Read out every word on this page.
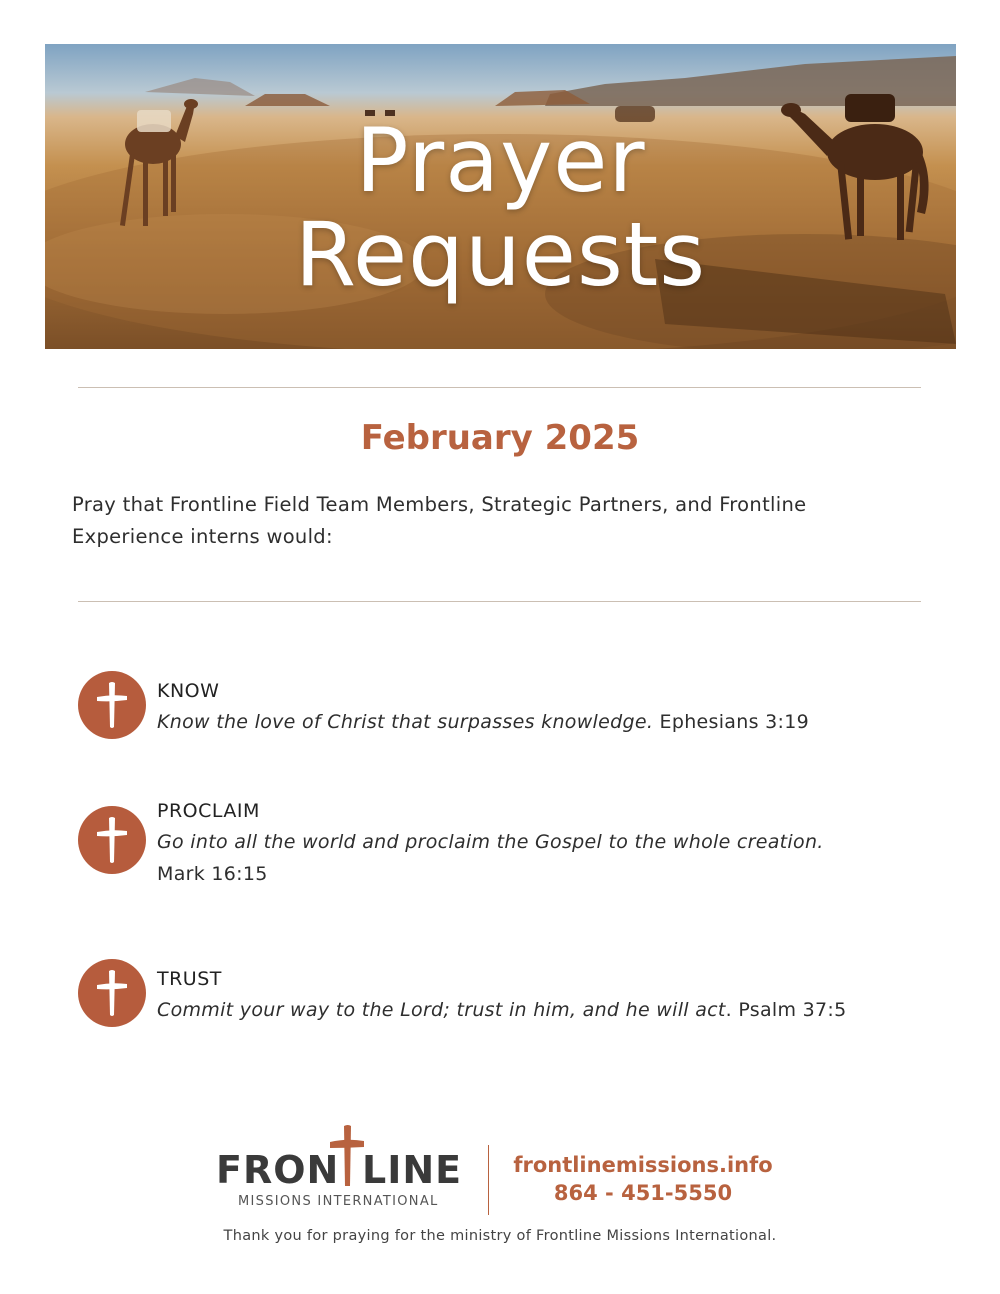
Prayer
Requests
February 2025

Pray that Frontline Field Team Members, Strategic Partners, and Frontline Experience interns would:

KNOW

Know the love of Christ that surpasses knowledge. Ephesians 3:19

PROCLAIM

Go into all the world and proclaim the Gospel to the whole creation.
Mark 16:15

TRUST

Commit your way to the Lord; trust in him, and he will act. Psalm 37:5

FRON LINE
MISSIONS INTERNATIONAL
frontlinemissions.info
864 - 451-5550
Thank you for praying for the ministry of Frontline Missions International.
